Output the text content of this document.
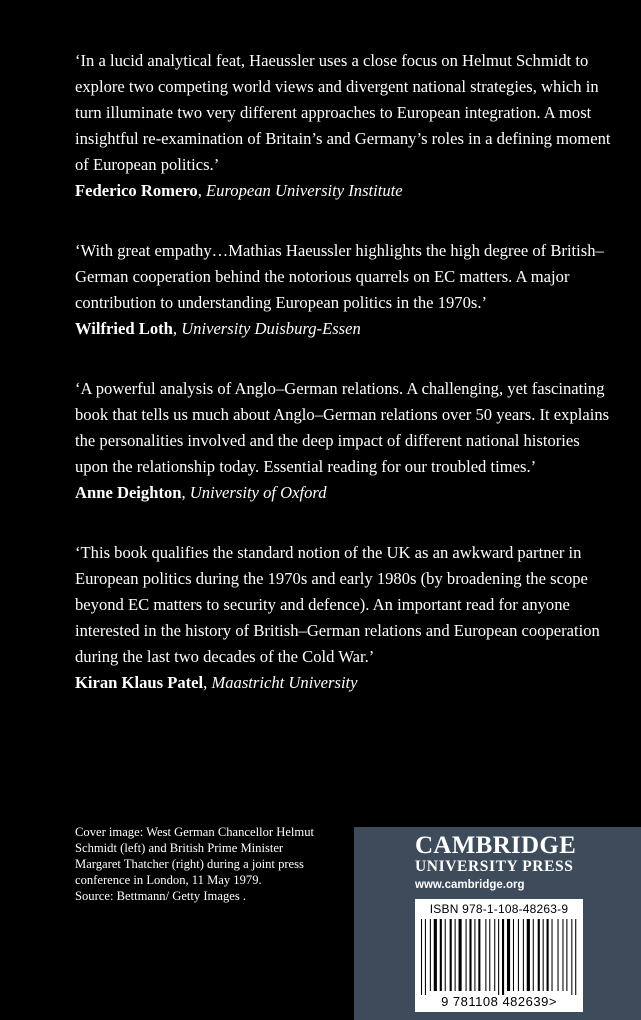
‘In a lucid analytical feat, Haeussler uses a close focus on Helmut Schmidt to explore two competing world views and divergent national strategies, which in turn illuminate two very different approaches to European integration. A most insightful re-examination of Britain’s and Germany’s roles in a defining moment of European politics.’
Federico Romero, European University Institute
‘With great empathy…Mathias Haeussler highlights the high degree of British–German cooperation behind the notorious quarrels on EC matters. A major contribution to understanding European politics in the 1970s.’
Wilfried Loth, University Duisburg-Essen
‘A powerful analysis of Anglo–German relations. A challenging, yet fascinating book that tells us much about Anglo–German relations over 50 years. It explains the personalities involved and the deep impact of different national histories upon the relationship today. Essential reading for our troubled times.’
Anne Deighton, University of Oxford
‘This book qualifies the standard notion of the UK as an awkward partner in European politics during the 1970s and early 1980s (by broadening the scope beyond EC matters to security and defence). An important read for anyone interested in the history of British–German relations and European cooperation during the last two decades of the Cold War.’
Kiran Klaus Patel, Maastricht University
Cover image: West German Chancellor Helmut
Schmidt (left) and British Prime Minister
Margaret Thatcher (right) during a joint press
conference in London, 11 May 1979.
Source: Bettmann/ Getty Images .
CAMBRIDGE
UNIVERSITY PRESS
www.cambridge.org
ISBN 978-1-108-48263-9
9 781108 482639>
